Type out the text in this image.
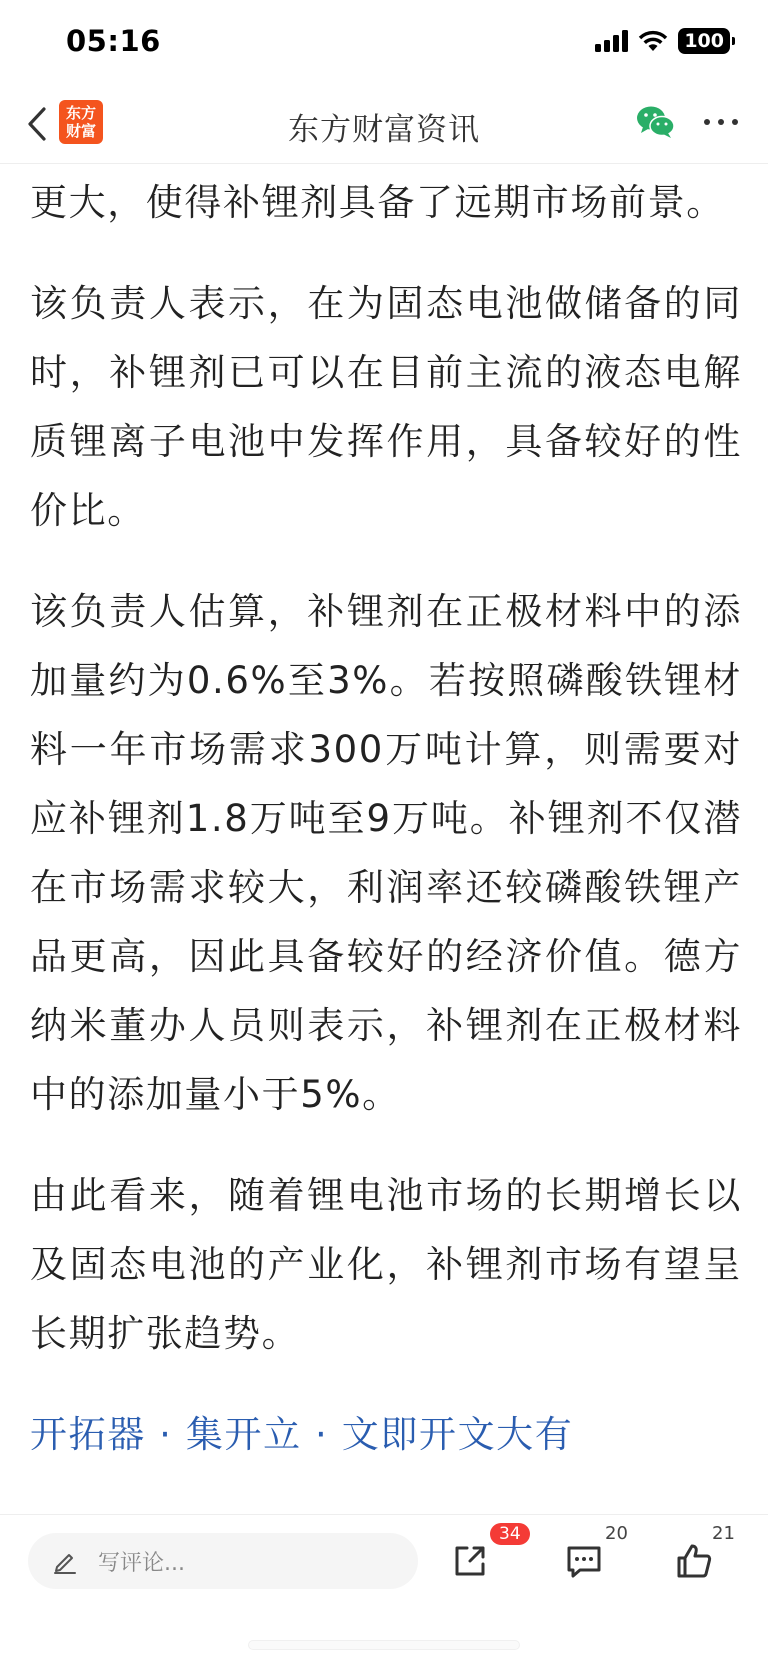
05:16	100
东方
财富	东方财富资讯

更大，使得补锂剂具备了远期市场前景。

该负责人表示，在为固态电池做储备的同时，补锂剂已可以在目前主流的液态电解质锂离子电池中发挥作用，具备较好的性价比。

该负责人估算，补锂剂在正极材料中的添加量约为0.6%至3%。若按照磷酸铁锂材料一年市场需求300万吨计算，则需要对应补锂剂1.8万吨至9万吨。补锂剂不仅潜在市场需求较大，利润率还较磷酸铁锂产品更高，因此具备较好的经济价值。德方纳米董办人员则表示，补锂剂在正极材料中的添加量小于5%。

由此看来，随着锂电池市场的长期增长以及固态电池的产业化，补锂剂市场有望呈长期扩张趋势。

开拓器 · 集开立 · 文即开文大有
写评论...
34	20	21
